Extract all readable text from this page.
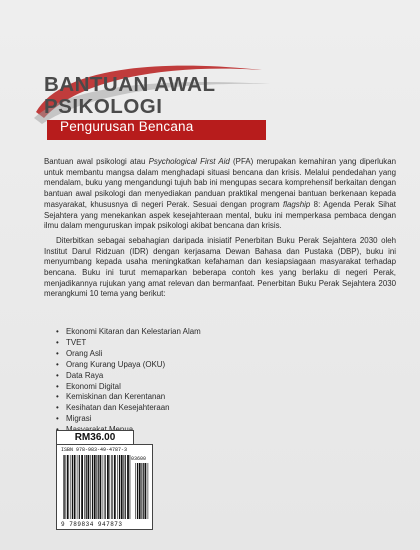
BANTUAN AWAL
PSIKOLOGI
Pengurusan Bencana

Bantuan awal psikologi atau Psychological First Aid (PFA) merupakan kemahiran yang diperlukan untuk membantu mangsa dalam menghadapi situasi bencana dan krisis. Melalui pendedahan yang mendalam, buku yang mengandungi tujuh bab ini mengupas secara komprehensif berkaitan dengan bantuan awal psikologi dan menyediakan panduan praktikal mengenai bantuan berkenaan kepada masyarakat, khususnya di negeri Perak. Sesuai dengan program flagship 8: Agenda Perak Sihat Sejahtera yang menekankan aspek kesejahteraan mental, buku ini memperkasa pembaca dengan ilmu dalam menguruskan impak psikologi akibat bencana dan krisis.

Diterbitkan sebagai sebahagian daripada inisiatif Penerbitan Buku Perak Sejahtera 2030 oleh Institut Darul Ridzuan (IDR) dengan kerjasama Dewan Bahasa dan Pustaka (DBP), buku ini menyumbang kepada usaha meningkatkan kefahaman dan kesiapsiagaan masyarakat terhadap bencana. Buku ini turut memaparkan beberapa contoh kes yang berlaku di negeri Perak, menjadikannya rujukan yang amat relevan dan bermanfaat. Penerbitan Buku Perak Sejahtera 2030 merangkumi 10 tema yang berikut:

• Ekonomi Kitaran dan Kelestarian Alam
• TVET
• Orang Asli
• Orang Kurang Upaya (OKU)
• Data Raya
• Ekonomi Digital
• Kemiskinan dan Kerentanan
• Kesihatan dan Kesejahteraan
• Migrasi
•
RM36.00
ISBN 978-983-49-4787-3
03600
9 789834 947873
